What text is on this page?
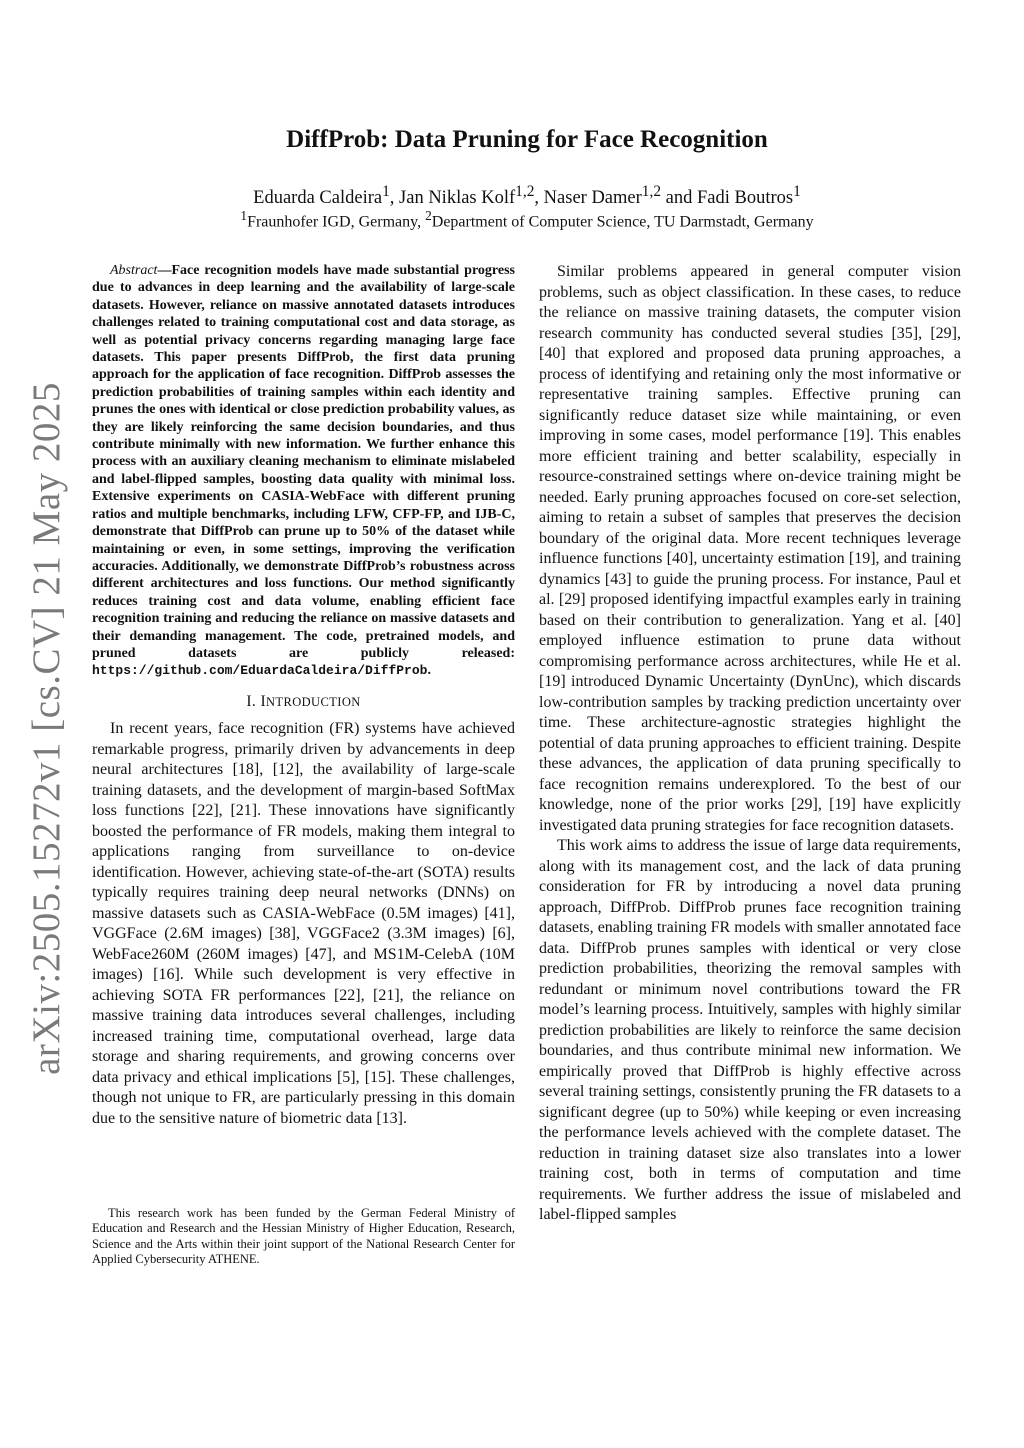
arXiv:2505.15272v1 [cs.CV] 21 May 2025
DiffProb: Data Pruning for Face Recognition
Eduarda Caldeira$^1$, Jan Niklas Kolf$^{1,2}$, Naser Damer$^{1,2}$ and Fadi Boutros$^1$
$^1$Fraunhofer IGD, Germany, $^2$Department of Computer Science, TU Darmstadt, Germany

Abstract—Face recognition models have made substantial progress due to advances in deep learning and the availability of large-scale datasets. However, reliance on massive annotated datasets introduces challenges related to training computational cost and data storage, as well as potential privacy concerns regarding managing large face datasets. This paper presents DiffProb, the first data pruning approach for the application of face recognition. DiffProb assesses the prediction probabilities of training samples within each identity and prunes the ones with identical or close prediction probability values, as they are likely reinforcing the same decision boundaries, and thus contribute minimally with new information. We further enhance this process with an auxiliary cleaning mechanism to eliminate mislabeled and label-flipped samples, boosting data quality with minimal loss. Extensive experiments on CASIA-WebFace with different pruning ratios and multiple benchmarks, including LFW, CFP-FP, and IJB-C, demonstrate that DiffProb can prune up to 50% of the dataset while maintaining or even, in some settings, improving the verification accuracies. Additionally, we demonstrate DiffProb’s robustness across different architectures and loss functions. Our method significantly reduces training cost and data volume, enabling efficient face recognition training and reducing the reliance on massive datasets and their demanding management. The code, pretrained models, and pruned datasets are publicly released: https://github.com/EduardaCaldeira/DiffProb.

I. INTRODUCTION

In recent years, face recognition (FR) systems have achieved remarkable progress, primarily driven by advancements in deep neural architectures [18], [12], the availability of large-scale training datasets, and the development of margin-based SoftMax loss functions [22], [21]. These innovations have significantly boosted the performance of FR models, making them integral to applications ranging from surveillance to on-device identification. However, achieving state-of-the-art (SOTA) results typically requires training deep neural networks (DNNs) on massive datasets such as CASIA-WebFace (0.5M images) [41], VGGFace (2.6M images) [38], VGGFace2 (3.3M images) [6], WebFace260M (260M images) [47], and MS1M-CelebA (10M images) [16]. While such development is very effective in achieving SOTA FR performances [22], [21], the reliance on massive training data introduces several challenges, including increased training time, computational overhead, large data storage and sharing requirements, and growing concerns over data privacy and ethical implications [5], [15]. These challenges, though not unique to FR, are particularly pressing in this domain due to the sensitive nature of biometric data [13].

This research work has been funded by the German Federal Ministry of Education and Research and the Hessian Ministry of Higher Education, Research, Science and the Arts within their joint support of the National Research Center for Applied Cybersecurity ATHENE.

Similar problems appeared in general computer vision problems, such as object classification. In these cases, to reduce the reliance on massive training datasets, the computer vision research community has conducted several studies [35], [29], [40] that explored and proposed data pruning approaches, a process of identifying and retaining only the most informative or representative training samples. Effective pruning can significantly reduce dataset size while maintaining, or even improving in some cases, model performance [19]. This enables more efficient training and better scalability, especially in resource-constrained settings where on-device training might be needed. Early pruning approaches focused on core-set selection, aiming to retain a subset of samples that preserves the decision boundary of the original data. More recent techniques leverage influence functions [40], uncertainty estimation [19], and training dynamics [43] to guide the pruning process. For instance, Paul et al. [29] proposed identifying impactful examples early in training based on their contribution to generalization. Yang et al. [40] employed influence estimation to prune data without compromising performance across architectures, while He et al. [19] introduced Dynamic Uncertainty (DynUnc), which discards low-contribution samples by tracking prediction uncertainty over time. These architecture-agnostic strategies highlight the potential of data pruning approaches to efficient training. Despite these advances, the application of data pruning specifically to face recognition remains underexplored. To the best of our knowledge, none of the prior works [29], [19] have explicitly investigated data pruning strategies for face recognition datasets.

This work aims to address the issue of large data requirements, along with its management cost, and the lack of data pruning consideration for FR by introducing a novel data pruning approach, DiffProb. DiffProb prunes face recognition training datasets, enabling training FR models with smaller annotated face data. DiffProb prunes samples with identical or very close prediction probabilities, theorizing the removal samples with redundant or minimum novel contributions toward the FR model’s learning process. Intuitively, samples with highly similar prediction probabilities are likely to reinforce the same decision boundaries, and thus contribute minimal new information. We empirically proved that DiffProb is highly effective across several training settings, consistently pruning the FR datasets to a significant degree (up to 50%) while keeping or even increasing the performance levels achieved with the complete dataset. The reduction in training dataset size also translates into a lower training cost, both in terms of computation and time requirements. We further address the issue of mislabeled and label-flipped samples
